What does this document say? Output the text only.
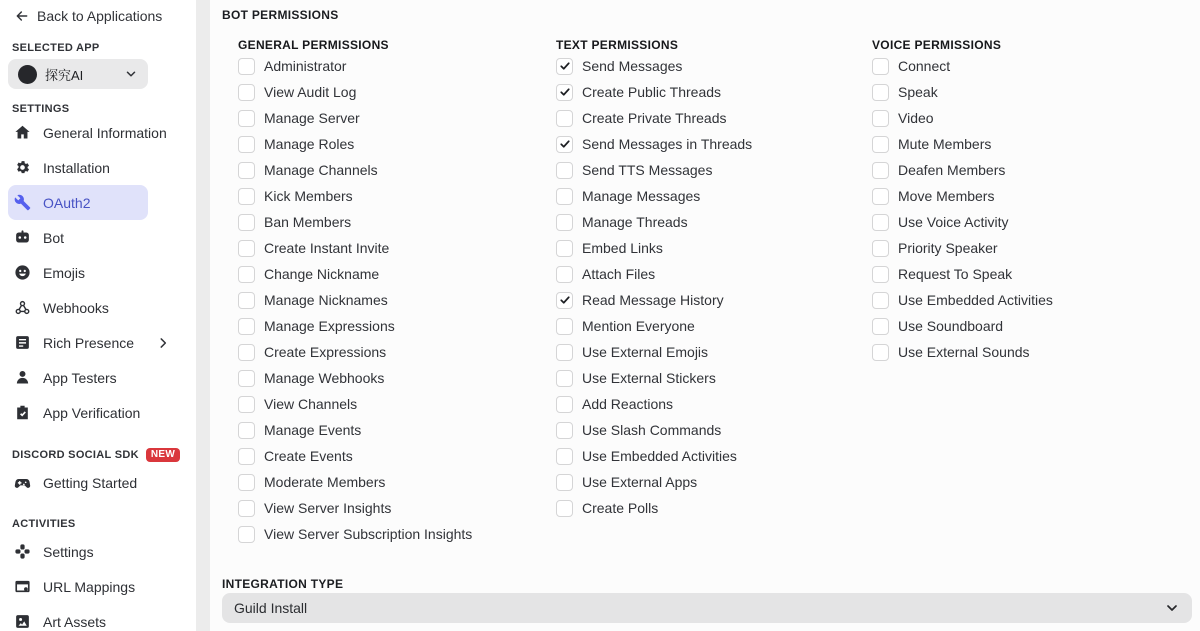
Back to Applications
SELECTED APP
探究AI
SETTINGS
General Information
Installation
OAuth2
Bot
Emojis
Webhooks
Rich Presence
App Testers
App Verification
DISCORD SOCIAL SDK	NEW
Getting Started
ACTIVITIES
Settings
URL Mappings
Art Assets
BOT PERMISSIONS
GENERAL PERMISSIONS
Administrator
View Audit Log
Manage Server
Manage Roles
Manage Channels
Kick Members
Ban Members
Create Instant Invite
Change Nickname
Manage Nicknames
Manage Expressions
Create Expressions
Manage Webhooks
View Channels
Manage Events
Create Events
Moderate Members
View Server Insights
View Server Subscription Insights
TEXT PERMISSIONS
Send Messages
Create Public Threads
Create Private Threads
Send Messages in Threads
Send TTS Messages
Manage Messages
Manage Threads
Embed Links
Attach Files
Read Message History
Mention Everyone
Use External Emojis
Use External Stickers
Add Reactions
Use Slash Commands
Use Embedded Activities
Use External Apps
Create Polls
VOICE PERMISSIONS
Connect
Speak
Video
Mute Members
Deafen Members
Move Members
Use Voice Activity
Priority Speaker
Request To Speak
Use Embedded Activities
Use Soundboard
Use External Sounds
INTEGRATION TYPE
Guild Install
